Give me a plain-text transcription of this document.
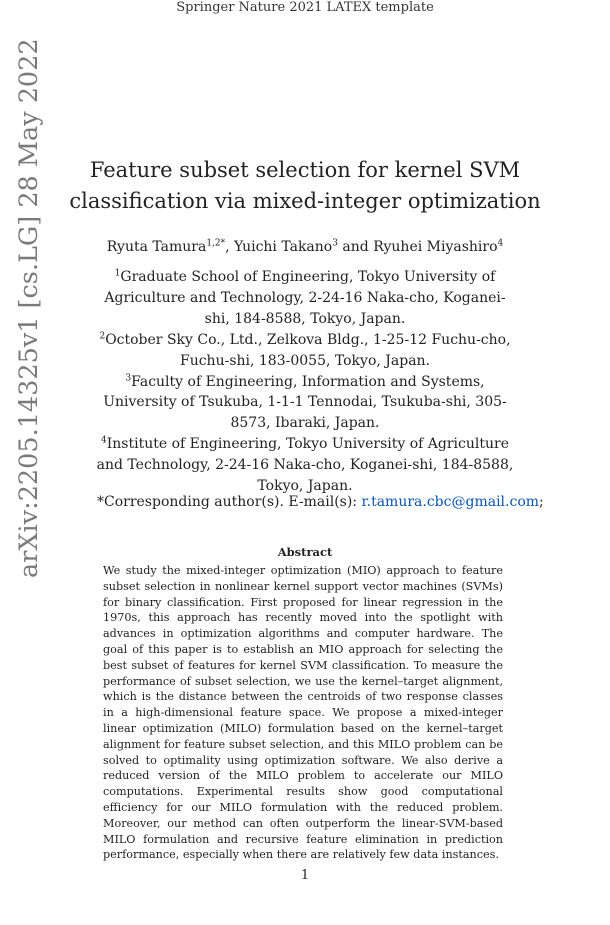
Springer Nature 2021 LATEX template
arXiv:2205.14325v1 [cs.LG] 28 May 2022	Feature subset selection for kernel SVM classification via mixed-integer optimization
Ryuta Tamura$^{1,2*}$, Yuichi Takano$^3$ and Ryuhei Miyashiro$^4$
$^1$Graduate School of Engineering, Tokyo University of Agriculture and Technology, 2-24-16 Naka-cho, Koganei-shi, 184-8588, Tokyo, Japan.
$^2$October Sky Co., Ltd., Zelkova Bldg., 1-25-12 Fuchu-cho, Fuchu-shi, 183-0055, Tokyo, Japan.
$^3$Faculty of Engineering, Information and Systems, University of Tsukuba, 1-1-1 Tennodai, Tsukuba-shi, 305-8573, Ibaraki, Japan.
$^4$Institute of Engineering, Tokyo University of Agriculture and Technology, 2-24-16 Naka-cho, Koganei-shi, 184-8588, Tokyo, Japan.
*Corresponding author(s). E-mail(s): r.tamura.cbc@gmail.com;
Abstract
We study the mixed-integer optimization (MIO) approach to feature subset selection in nonlinear kernel support vector machines (SVMs) for binary classification. First proposed for linear regression in the 1970s, this approach has recently moved into the spotlight with advances in optimization algorithms and computer hardware. The goal of this paper is to establish an MIO approach for selecting the best subset of features for kernel SVM classification. To measure the performance of subset selection, we use the kernel–target alignment, which is the distance between the centroids of two response classes in a high-dimensional feature space. We propose a mixed-integer linear optimization (MILO) formulation based on the kernel–target alignment for feature subset selection, and this MILO problem can be solved to optimality using optimization software. We also derive a reduced version of the MILO problem to accelerate our MILO computations. Experimental results show good computational efficiency for our MILO formulation with the reduced problem. Moreover, our method can often outperform the linear-SVM-based MILO formulation and recursive feature elimination in prediction performance, especially when there are relatively few data instances.
1
